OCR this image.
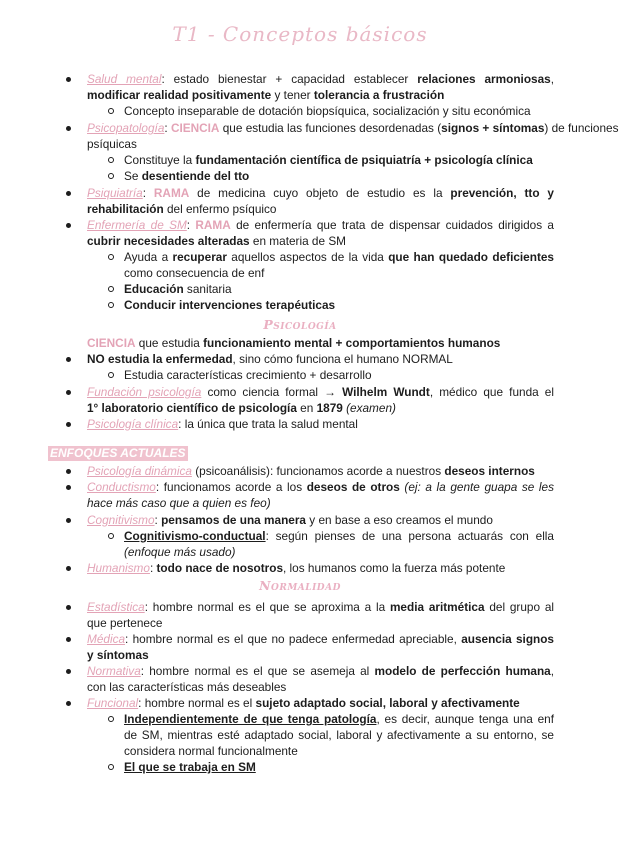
T1 - Conceptos básicos
Salud mental: estado bienestar + capacidad establecer relaciones armoniosas,
modificar realidad positivamente y tener tolerancia a frustración
Concepto inseparable de dotación biopsíquica, socialización y situ económica
Psicopatología: CIENCIA que estudia las funciones desordenadas (signos + síntomas) de funciones
psíquicas
Constituye la fundamentación científica de psiquiatría + psicología clínica
Se desentiende del tto
Psiquiatría: RAMA de medicina cuyo objeto de estudio es la prevención, tto y
rehabilitación del enfermo psíquico
Enfermería de SM: RAMA de enfermería que trata de dispensar cuidados dirigidos a
cubrir necesidades alteradas en materia de SM
Ayuda a recuperar aquellos aspectos de la vida que han quedado deficientes
como consecuencia de enf
Educación sanitaria
Conducir intervenciones terapéuticas
Psicología
CIENCIA que estudia funcionamiento mental + comportamientos humanos
NO estudia la enfermedad, sino cómo funciona el humano NORMAL
Estudia características crecimiento + desarrollo
Fundación psicología como ciencia formal → Wilhelm Wundt, médico que funda el
1° laboratorio científico de psicología en 1879 (examen)
Psicología clínica: la única que trata la salud mental
ENFOQUES ACTUALES
Psicología dinámica (psicoanálisis): funcionamos acorde a nuestros deseos internos
Conductismo: funcionamos acorde a los deseos de otros (ej: a la gente guapa se les
hace más caso que a quien es feo)
Cognitivismo: pensamos de una manera y en base a eso creamos el mundo
Cognitivismo-conductual: según pienses de una persona actuarás con ella
(enfoque más usado)
Humanismo: todo nace de nosotros, los humanos como la fuerza más potente
Normalidad
Estadística: hombre normal es el que se aproxima a la media aritmética del grupo al
que pertenece
Médica: hombre normal es el que no padece enfermedad apreciable, ausencia signos
y síntomas
Normativa: hombre normal es el que se asemeja al modelo de perfección humana,
con las características más deseables
Funcional: hombre normal es el sujeto adaptado social, laboral y afectivamente
Independientemente de que tenga patología, es decir, aunque tenga una enf
de SM, mientras esté adaptado social, laboral y afectivamente a su entorno, se
considera normal funcionalmente
El que se trabaja en SM
